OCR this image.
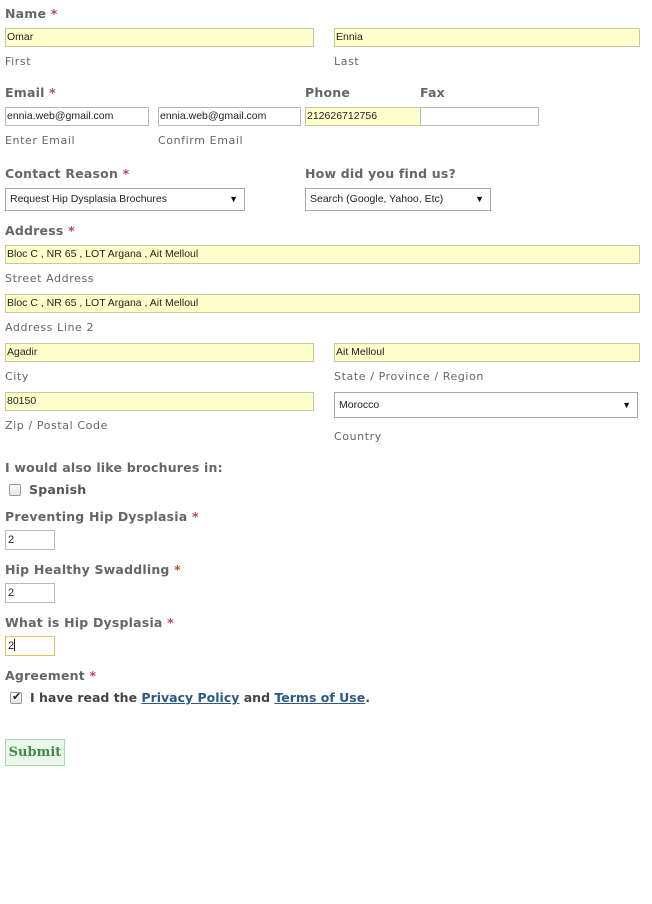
Name *
Omar
First
Ennia
Last
Email *
ennia.web@gmail.com
Enter Email
ennia.web@gmail.com
Confirm Email
Phone
212626712756
Fax
Contact Reason *
Request Hip Dysplasia Brochures	▼
How did you find us?
Search (Google, Yahoo, Etc)	▼
Address *
Bloc C , NR 65 , LOT Argana , Ait Melloul
Street Address
Bloc C , NR 65 , LOT Argana , Ait Melloul
Address Line 2
Agadir
City
Ait Melloul
State / Province / Region
80150
Zip / Postal Code
Morocco	▼
Country
I would also like brochures in:
Spanish
Preventing Hip Dysplasia *
2
Hip Healthy Swaddling *
2
What is Hip Dysplasia *
2
Agreement *
✔ I have read the Privacy Policy and Terms of Use.
Submit
